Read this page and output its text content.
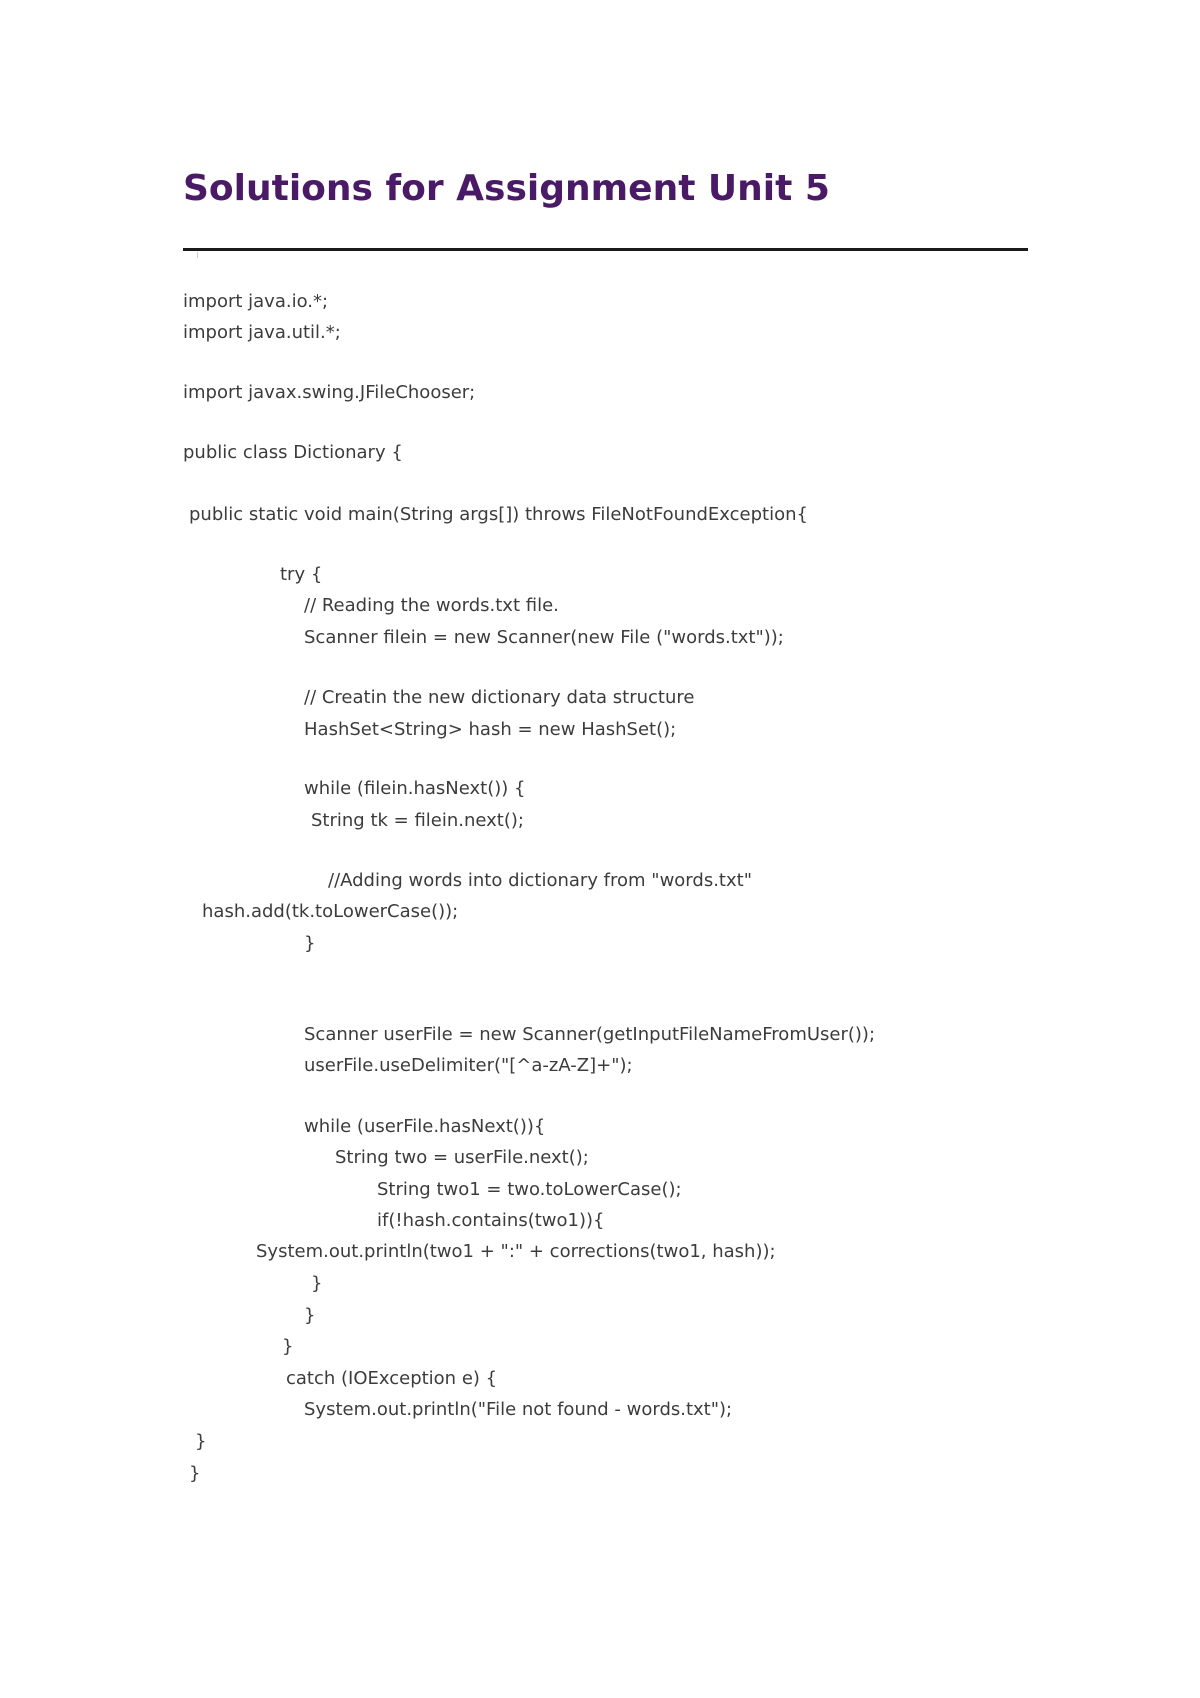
Solutions for Assignment Unit 5

import java.io.*;

import java.util.*;

import javax.swing.JFileChooser;

public class Dictionary {

public static void main(String args[]) throws FileNotFoundException{

try {

// Reading the words.txt file.

Scanner filein = new Scanner(new File ("words.txt"));

// Creatin the new dictionary data structure

HashSet<String> hash = new HashSet();

while (filein.hasNext()) {

String tk = filein.next();

//Adding words into dictionary from "words.txt"

hash.add(tk.toLowerCase());

}

Scanner userFile = new Scanner(getInputFileNameFromUser());

userFile.useDelimiter("[^a-zA-Z]+");

while (userFile.hasNext()){

String two = userFile.next();

String two1 = two.toLowerCase();

if(!hash.contains(two1)){

System.out.println(two1 + ":" + corrections(two1, hash));

}

}

}

catch (IOException e) {

System.out.println("File not found - words.txt");

}

}
